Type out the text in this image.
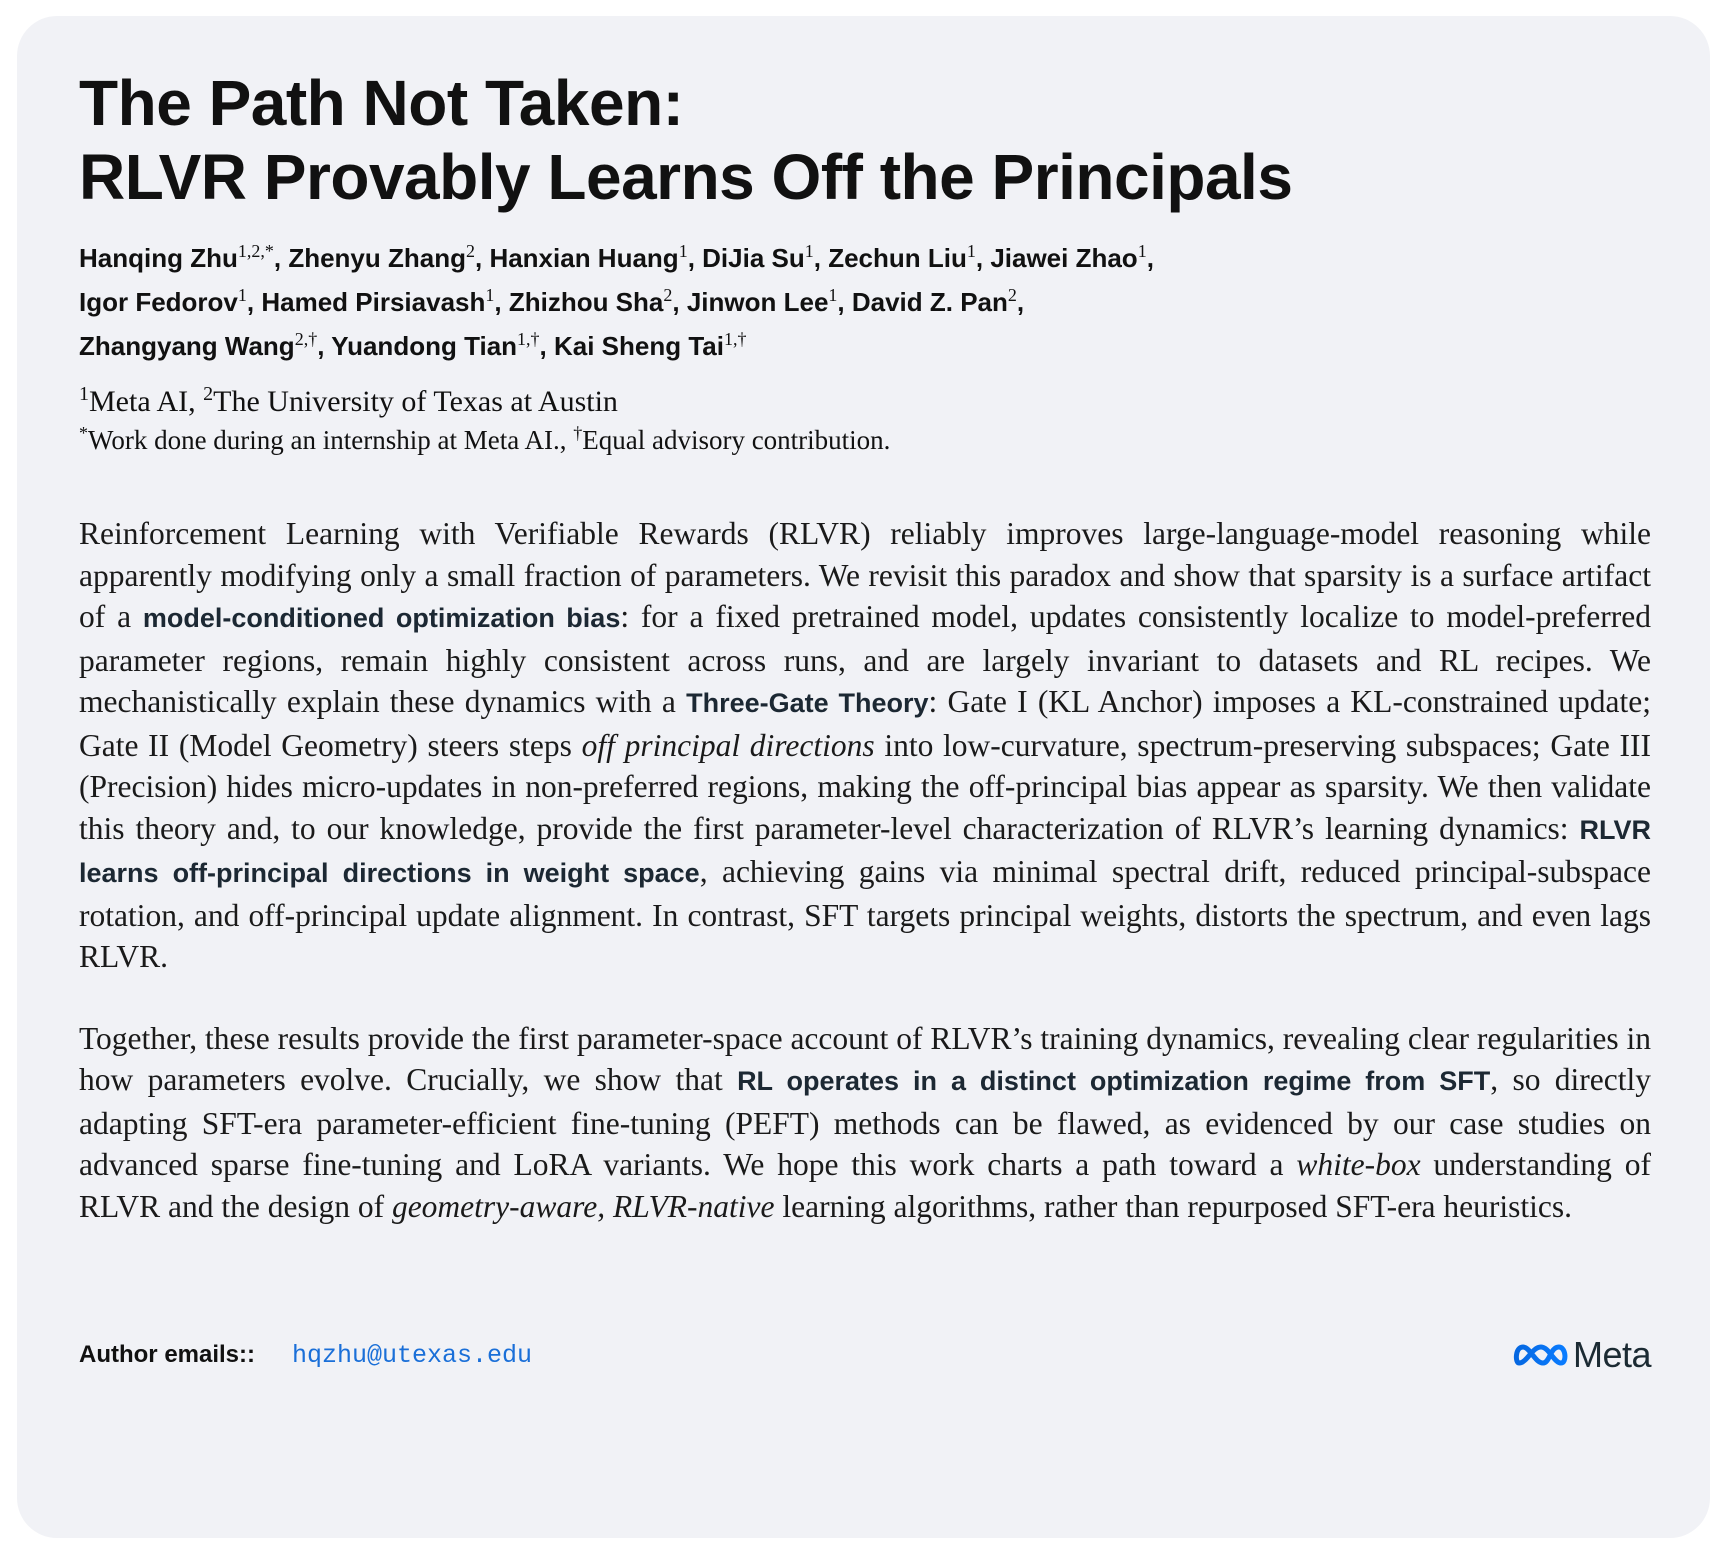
The Path Not Taken:
RLVR Provably Learns Off the Principals
Hanqing Zhu$^{1,2,*}$, Zhenyu Zhang$^2$, Hanxian Huang$^1$, DiJia Su$^1$, Zechun Liu$^1$, Jiawei Zhao$^1$,
Igor Fedorov$^1$, Hamed Pirsiavash$^1$, Zhizhou Sha$^2$, Jinwon Lee$^1$, David Z. Pan$^2$,
Zhangyang Wang$^{2,\dagger}$, Yuandong Tian$^{1,\dagger}$, Kai Sheng Tai$^{1,\dagger}$
$^1$Meta AI, $^2$The University of Texas at Austin
*Work done during an internship at Meta AI., †Equal advisory contribution.

Reinforcement Learning with Verifiable Rewards (RLVR) reliably improves large-language-model reasoning while apparently modifying only a small fraction of parameters. We revisit this paradox and show that sparsity is a surface artifact of a model-conditioned optimization bias: for a fixed pretrained model, updates consistently localize to model-preferred parameter regions, remain highly consistent across runs, and are largely invariant to datasets and RL recipes. We mechanistically explain these dynamics with a Three-Gate Theory: Gate I (KL Anchor) imposes a KL-constrained update; Gate II (Model Geometry) steers steps off principal directions into low-curvature, spectrum-preserving subspaces; Gate III (Precision) hides micro-updates in non-preferred regions, making the off-principal bias appear as sparsity. We then validate this theory and, to our knowledge, provide the first parameter-level characterization of RLVR’s learning dynamics: RLVR learns off-principal directions in weight space, achieving gains via minimal spectral drift, reduced principal-subspace rotation, and off-principal update alignment. In contrast, SFT targets principal weights, distorts the spectrum, and even lags RLVR.

Together, these results provide the first parameter-space account of RLVR’s training dynamics, revealing clear regularities in how parameters evolve. Crucially, we show that RL operates in a distinct optimization regime from SFT, so directly adapting SFT-era parameter-efficient fine-tuning (PEFT) methods can be flawed, as evidenced by our case studies on advanced sparse fine-tuning and LoRA variants. We hope this work charts a path toward a white-box understanding of RLVR and the design of geometry-aware, RLVR-native learning algorithms, rather than repurposed SFT-era heuristics.

Author emails:: hqzhu@utexas.edu	Meta
